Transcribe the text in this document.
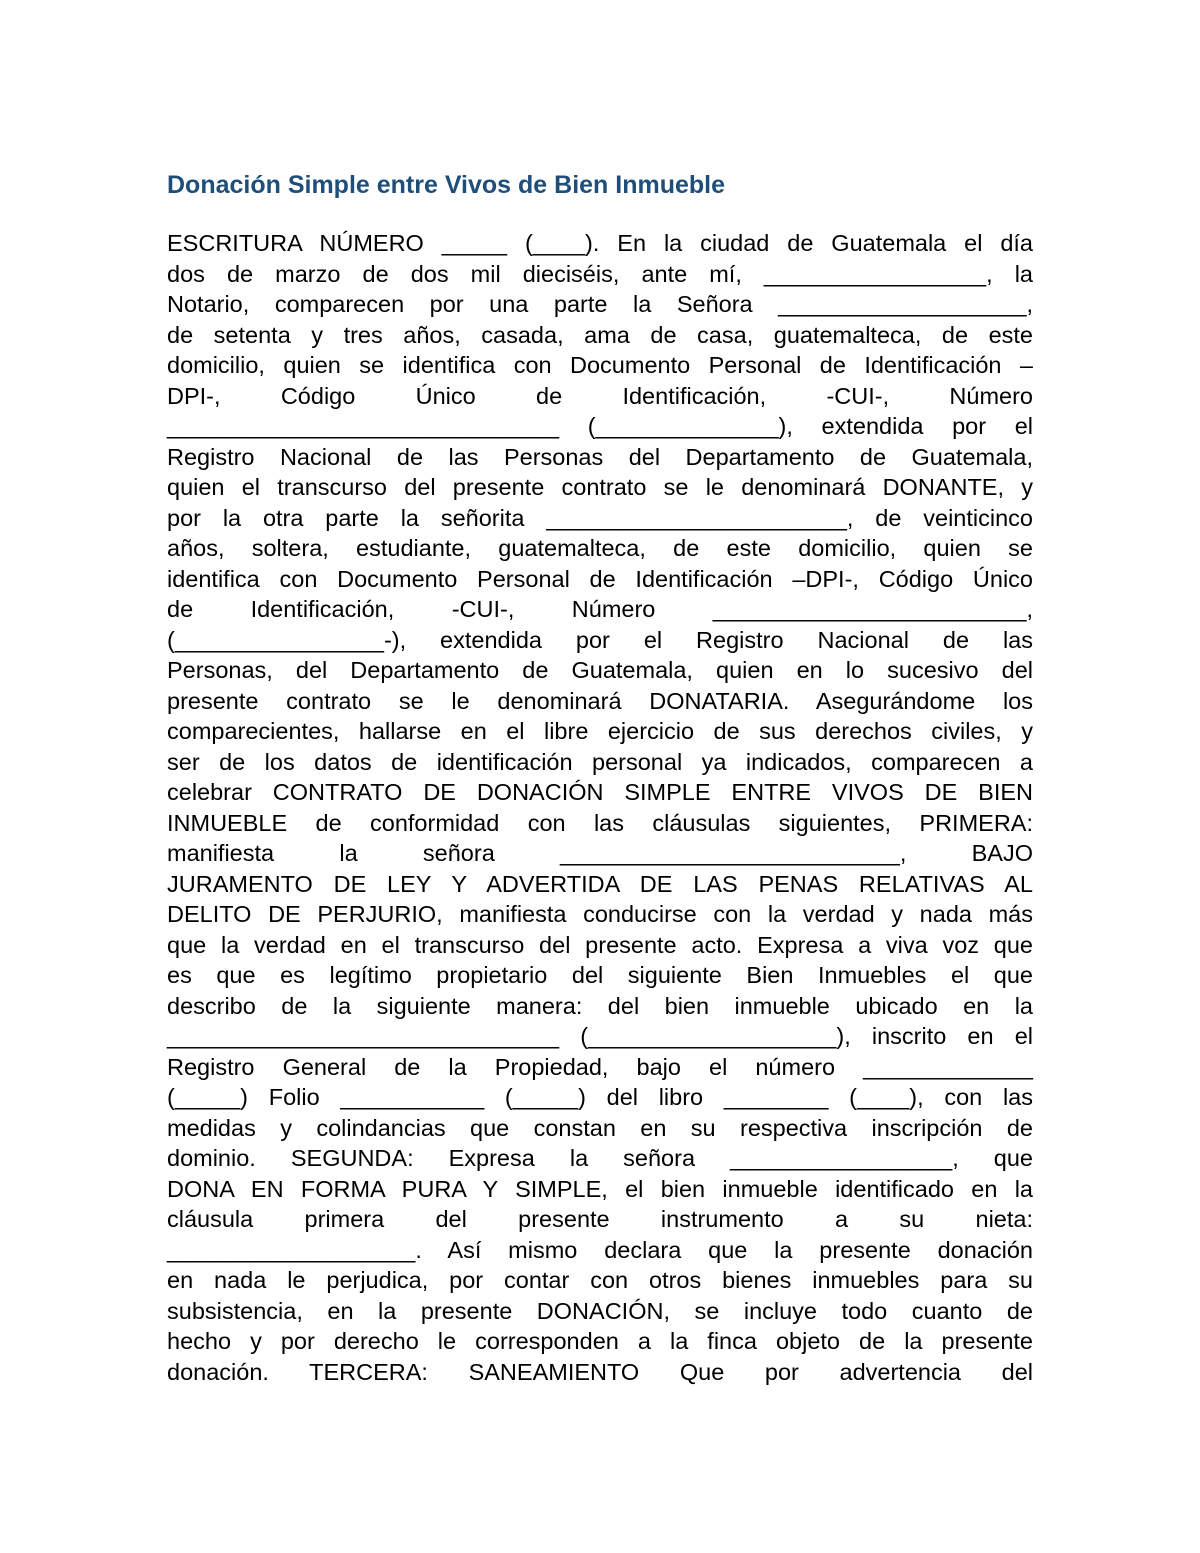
Donación Simple entre Vivos de Bien Inmueble
ESCRITURA NÚMERO _____ (____). En la ciudad de Guatemala el día
dos de marzo de dos mil dieciséis, ante mí, _________________, la
Notario, comparecen por una parte la Señora ___________________,
de setenta y tres años, casada, ama de casa, guatemalteca, de este
domicilio, quien se identifica con Documento Personal de Identificación –
DPI-, Código Único de Identificación, -CUI-, Número
______________________________ (______________), extendida por el
Registro Nacional de las Personas del Departamento de Guatemala,
quien el transcurso del presente contrato se le denominará DONANTE, y
por la otra parte la señorita _______________________, de veinticinco
años, soltera, estudiante, guatemalteca, de este domicilio, quien se
identifica con Documento Personal de Identificación –DPI-, Código Único
de Identificación, -CUI-, Número ________________________,
(________________-), extendida por el Registro Nacional de las
Personas, del Departamento de Guatemala, quien en lo sucesivo del
presente contrato se le denominará DONATARIA. Asegurándome los
comparecientes, hallarse en el libre ejercicio de sus derechos civiles, y
ser de los datos de identificación personal ya indicados, comparecen a
celebrar CONTRATO DE DONACIÓN SIMPLE ENTRE VIVOS DE BIEN
INMUEBLE de conformidad con las cláusulas siguientes, PRIMERA:
manifiesta la señora __________________________, BAJO
JURAMENTO DE LEY Y ADVERTIDA DE LAS PENAS RELATIVAS AL
DELITO DE PERJURIO, manifiesta conducirse con la verdad y nada más
que la verdad en el transcurso del presente acto. Expresa a viva voz que
es que es legítimo propietario del siguiente Bien Inmuebles el que
describo de la siguiente manera: del bien inmueble ubicado en la
______________________________ (___________________), inscrito en el
Registro General de la Propiedad, bajo el número _____________
(_____) Folio ___________ (_____) del libro ________ (____), con las
medidas y colindancias que constan en su respectiva inscripción de
dominio. SEGUNDA: Expresa la señora _________________, que
DONA EN FORMA PURA Y SIMPLE, el bien inmueble identificado en la
cláusula primera del presente instrumento a su nieta:
___________________. Así mismo declara que la presente donación
en nada le perjudica, por contar con otros bienes inmuebles para su
subsistencia, en la presente DONACIÓN, se incluye todo cuanto de
hecho y por derecho le corresponden a la finca objeto de la presente
donación. TERCERA: SANEAMIENTO Que por advertencia del
